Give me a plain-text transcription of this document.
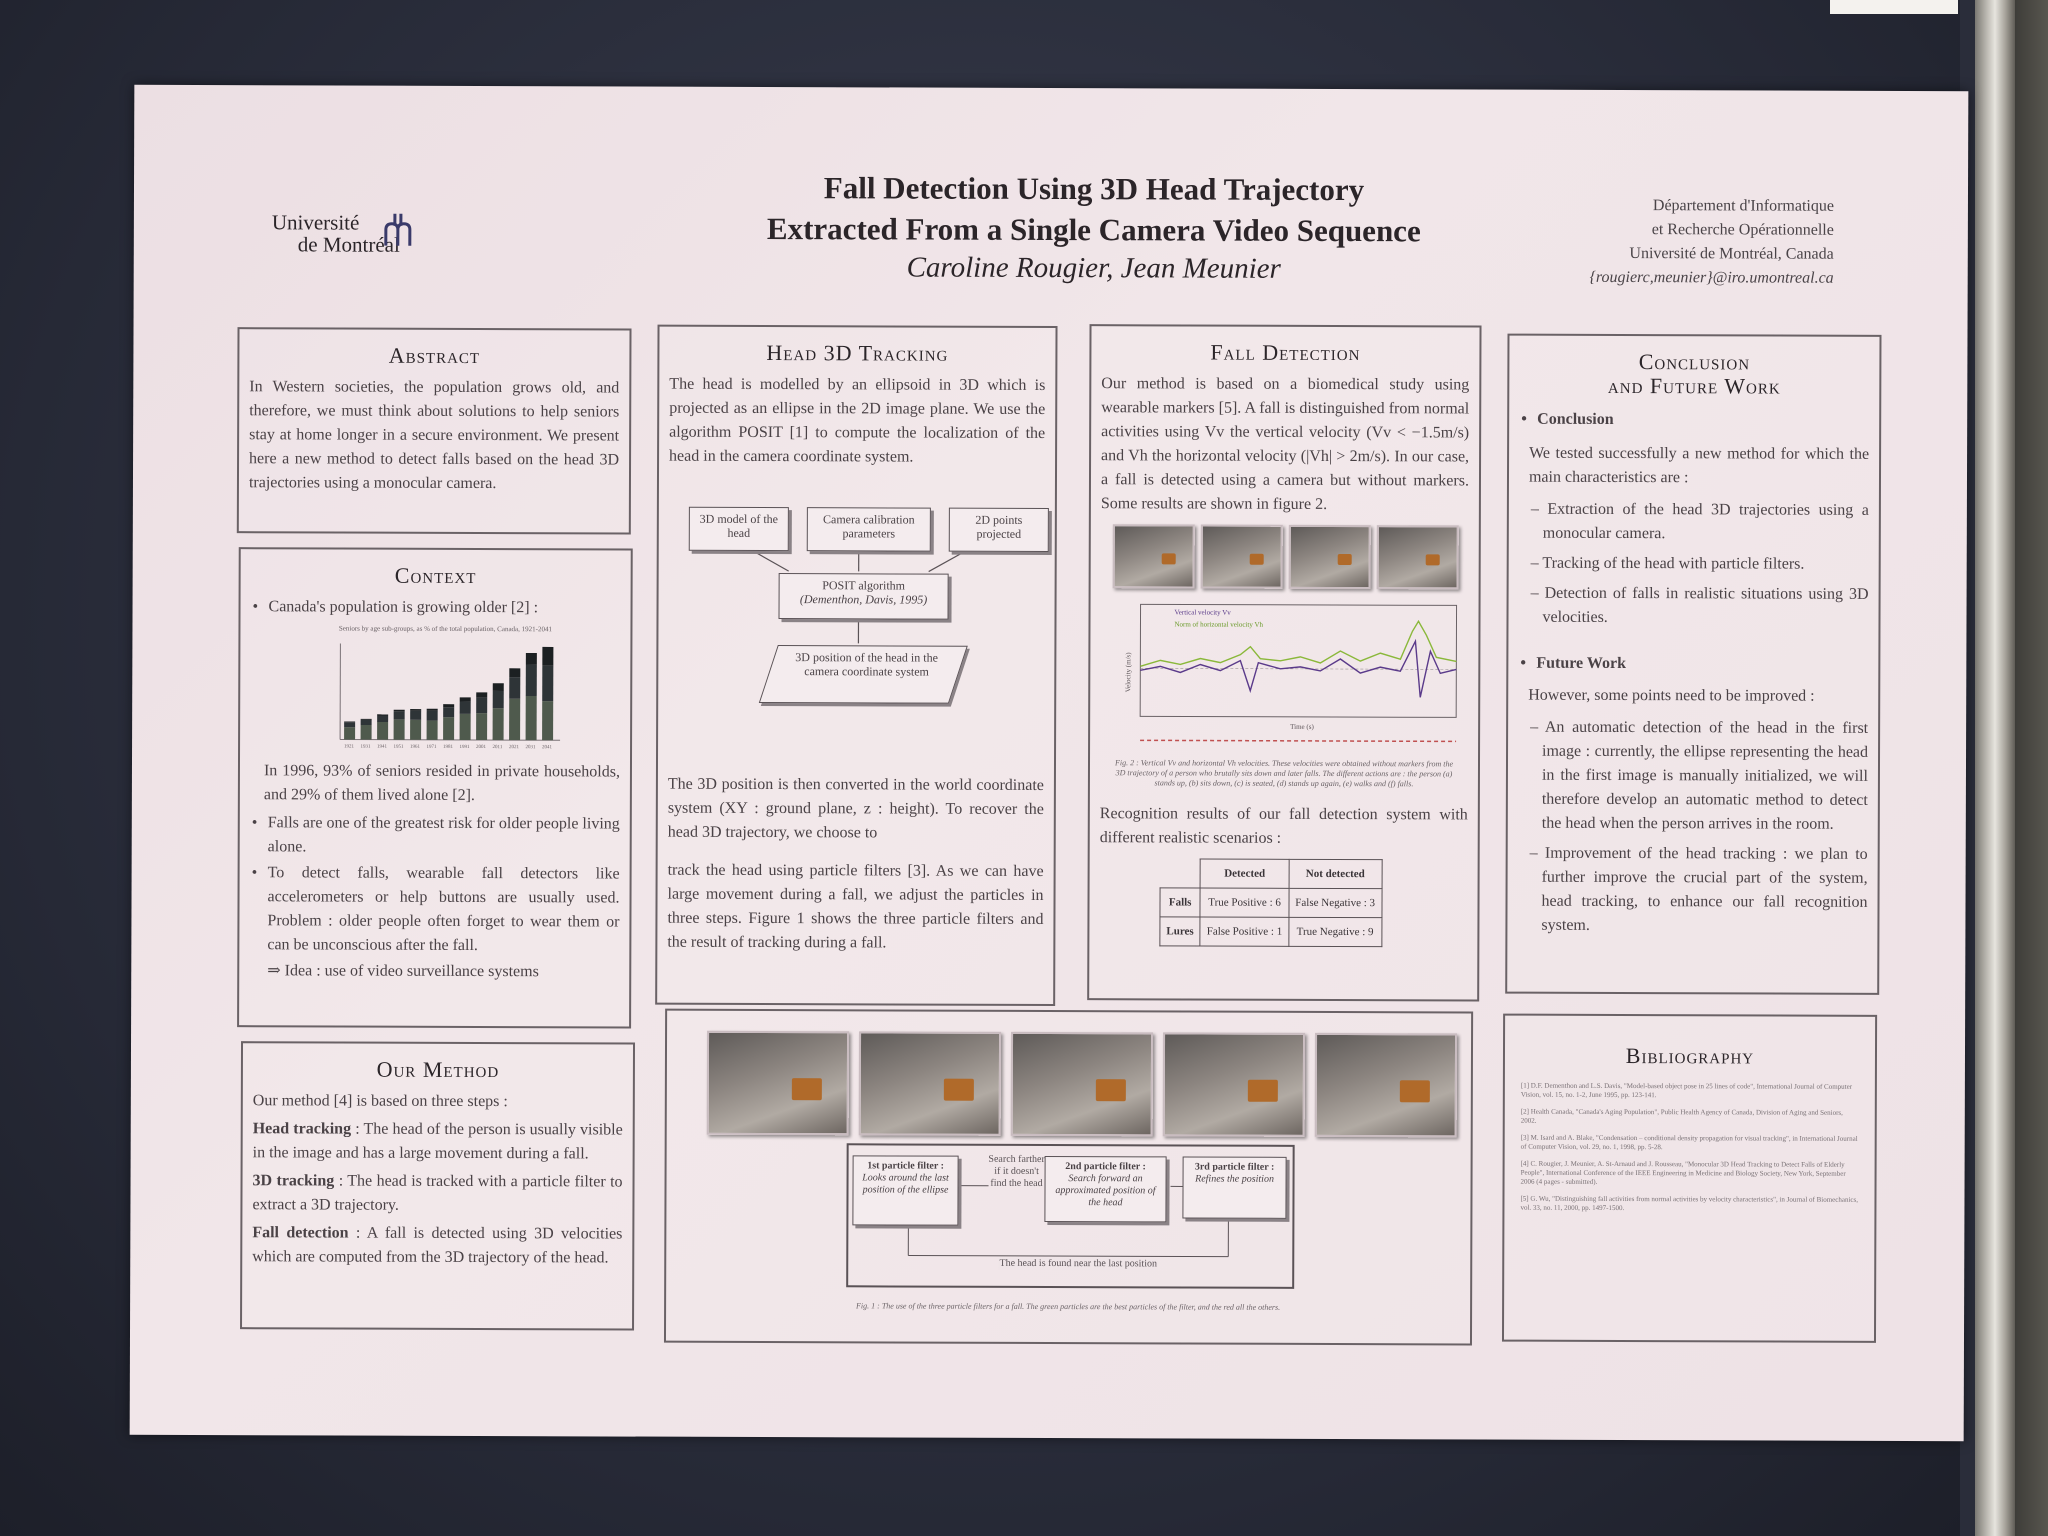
Université
de Montréal
Fall Detection Using 3D Head Trajectory
Extracted From a Single Camera Video Sequence
Caroline Rougier, Jean Meunier
Département d'Informatique
et Recherche Opérationnelle
Université de Montréal, Canada
{rougierc,meunier}@iro.umontreal.ca
Abstract

In Western societies, the population grows old, and therefore, we must think about solutions to help seniors stay at home longer in a secure environment. We present here a new method to detect falls based on the head 3D trajectories using a monocular camera.

Context
• Canada's population is growing older [2] :
Seniors by age sub-groups, as % of the total population, Canada, 1921-2041
1921 1931 1941 1951 1961 1971 1981 1991 2001 2011 2021 2031 2041

In 1996, 93% of seniors resided in private households, and 29% of them lived alone [2].

• Falls are one of the greatest risk for older people living alone.
• To detect falls, wearable fall detectors like accelerometers or help buttons are usually used. Problem : older people often forget to wear them or can be unconscious after the fall.

⇒ Idea : use of video surveillance systems

Our Method

Our method [4] is based on three steps :

Head tracking : The head of the person is usually visible in the image and has a large movement during a fall.

3D tracking : The head is tracked with a particle filter to extract a 3D trajectory.

Fall detection : A fall is detected using 3D velocities which are computed from the 3D trajectory of the head.

Head 3D Tracking

The head is modelled by an ellipsoid in 3D which is projected as an ellipse in the 2D image plane. We use the algorithm POSIT [1] to compute the localization of the head in the camera coordinate system.

3D model of the head
Camera calibration parameters
2D points projected
POSIT algorithm
(Dementhon, Davis, 1995)
3D position of the head in the camera coordinate system

The 3D position is then converted in the world coordinate system (XY : ground plane, z : height). To recover the head 3D trajectory, we choose to

track the head using particle filters [3]. As we can have large movement during a fall, we adjust the particles in three steps. Figure 1 shows the three particle filters and the result of tracking during a fall.

Fall Detection

Our method is based on a biomedical study using wearable markers [5]. A fall is distinguished from normal activities using Vv the vertical velocity (Vv < −1.5m/s) and Vh the horizontal velocity (|Vh| > 2m/s). In our case, a fall is detected using a camera but without markers. Some results are shown in figure 2.

Vertical velocity Vv
Norm of horizontal velocity Vh
Velocity (m/s)
Time (s)
Fig. 2 : Vertical Vv and horizontal Vh velocities. These velocities were obtained without markers from the 3D trajectory of a person who brutally sits down and later falls. The different actions are : the person (a) stands up, (b) sits down, (c) is seated, (d) stands up again, (e) walks and (f) falls.

Recognition results of our fall detection system with different realistic scenarios :

	Detected	Not detected
Falls	True Positive : 6	False Negative : 3
Lures	False Positive : 1	True Negative : 9
1st particle filter :
Looks around the last position of the ellipse
Search farther if it doesn't find the head
2nd particle filter :
Search forward an approximated position of the head
3rd particle filter :
Refines the position
The head is found near the last position
Fig. 1 : The use of the three particle filters for a fall. The green particles are the best particles of the filter, and the red all the others.
Conclusion
and Future Work
• Conclusion

We tested successfully a new method for which the main characteristics are :

– Extraction of the head 3D trajectories using a monocular camera.
– Tracking of the head with particle filters.
– Detection of falls in realistic situations using 3D velocities.
• Future Work

However, some points need to be improved :

– An automatic detection of the head in the first image : currently, the ellipse representing the head in the first image is manually initialized, we will therefore develop an automatic method to detect the head when the person arrives in the room.
– Improvement of the head tracking : we plan to further improve the crucial part of the system, head tracking, to enhance our fall recognition system.
Bibliography
[1] D.F. Dementhon and L.S. Davis, "Model-based object pose in 25 lines of code", International Journal of Computer Vision, vol. 15, no. 1-2, June 1995, pp. 123-141.
[2] Health Canada, "Canada's Aging Population", Public Health Agency of Canada, Division of Aging and Seniors, 2002.
[3] M. Isard and A. Blake, "Condensation – conditional density propagation for visual tracking", in International Journal of Computer Vision, vol. 29, no. 1, 1998, pp. 5-28.
[4] C. Rougier, J. Meunier, A. St-Arnaud and J. Rousseau, "Monocular 3D Head Tracking to Detect Falls of Elderly People", International Conference of the IEEE Engineering in Medicine and Biology Society, New York, September 2006 (4 pages - submitted).
[5] G. Wu, "Distinguishing fall activities from normal activities by velocity characteristics", in Journal of Biomechanics, vol. 33, no. 11, 2000, pp. 1497-1500.
